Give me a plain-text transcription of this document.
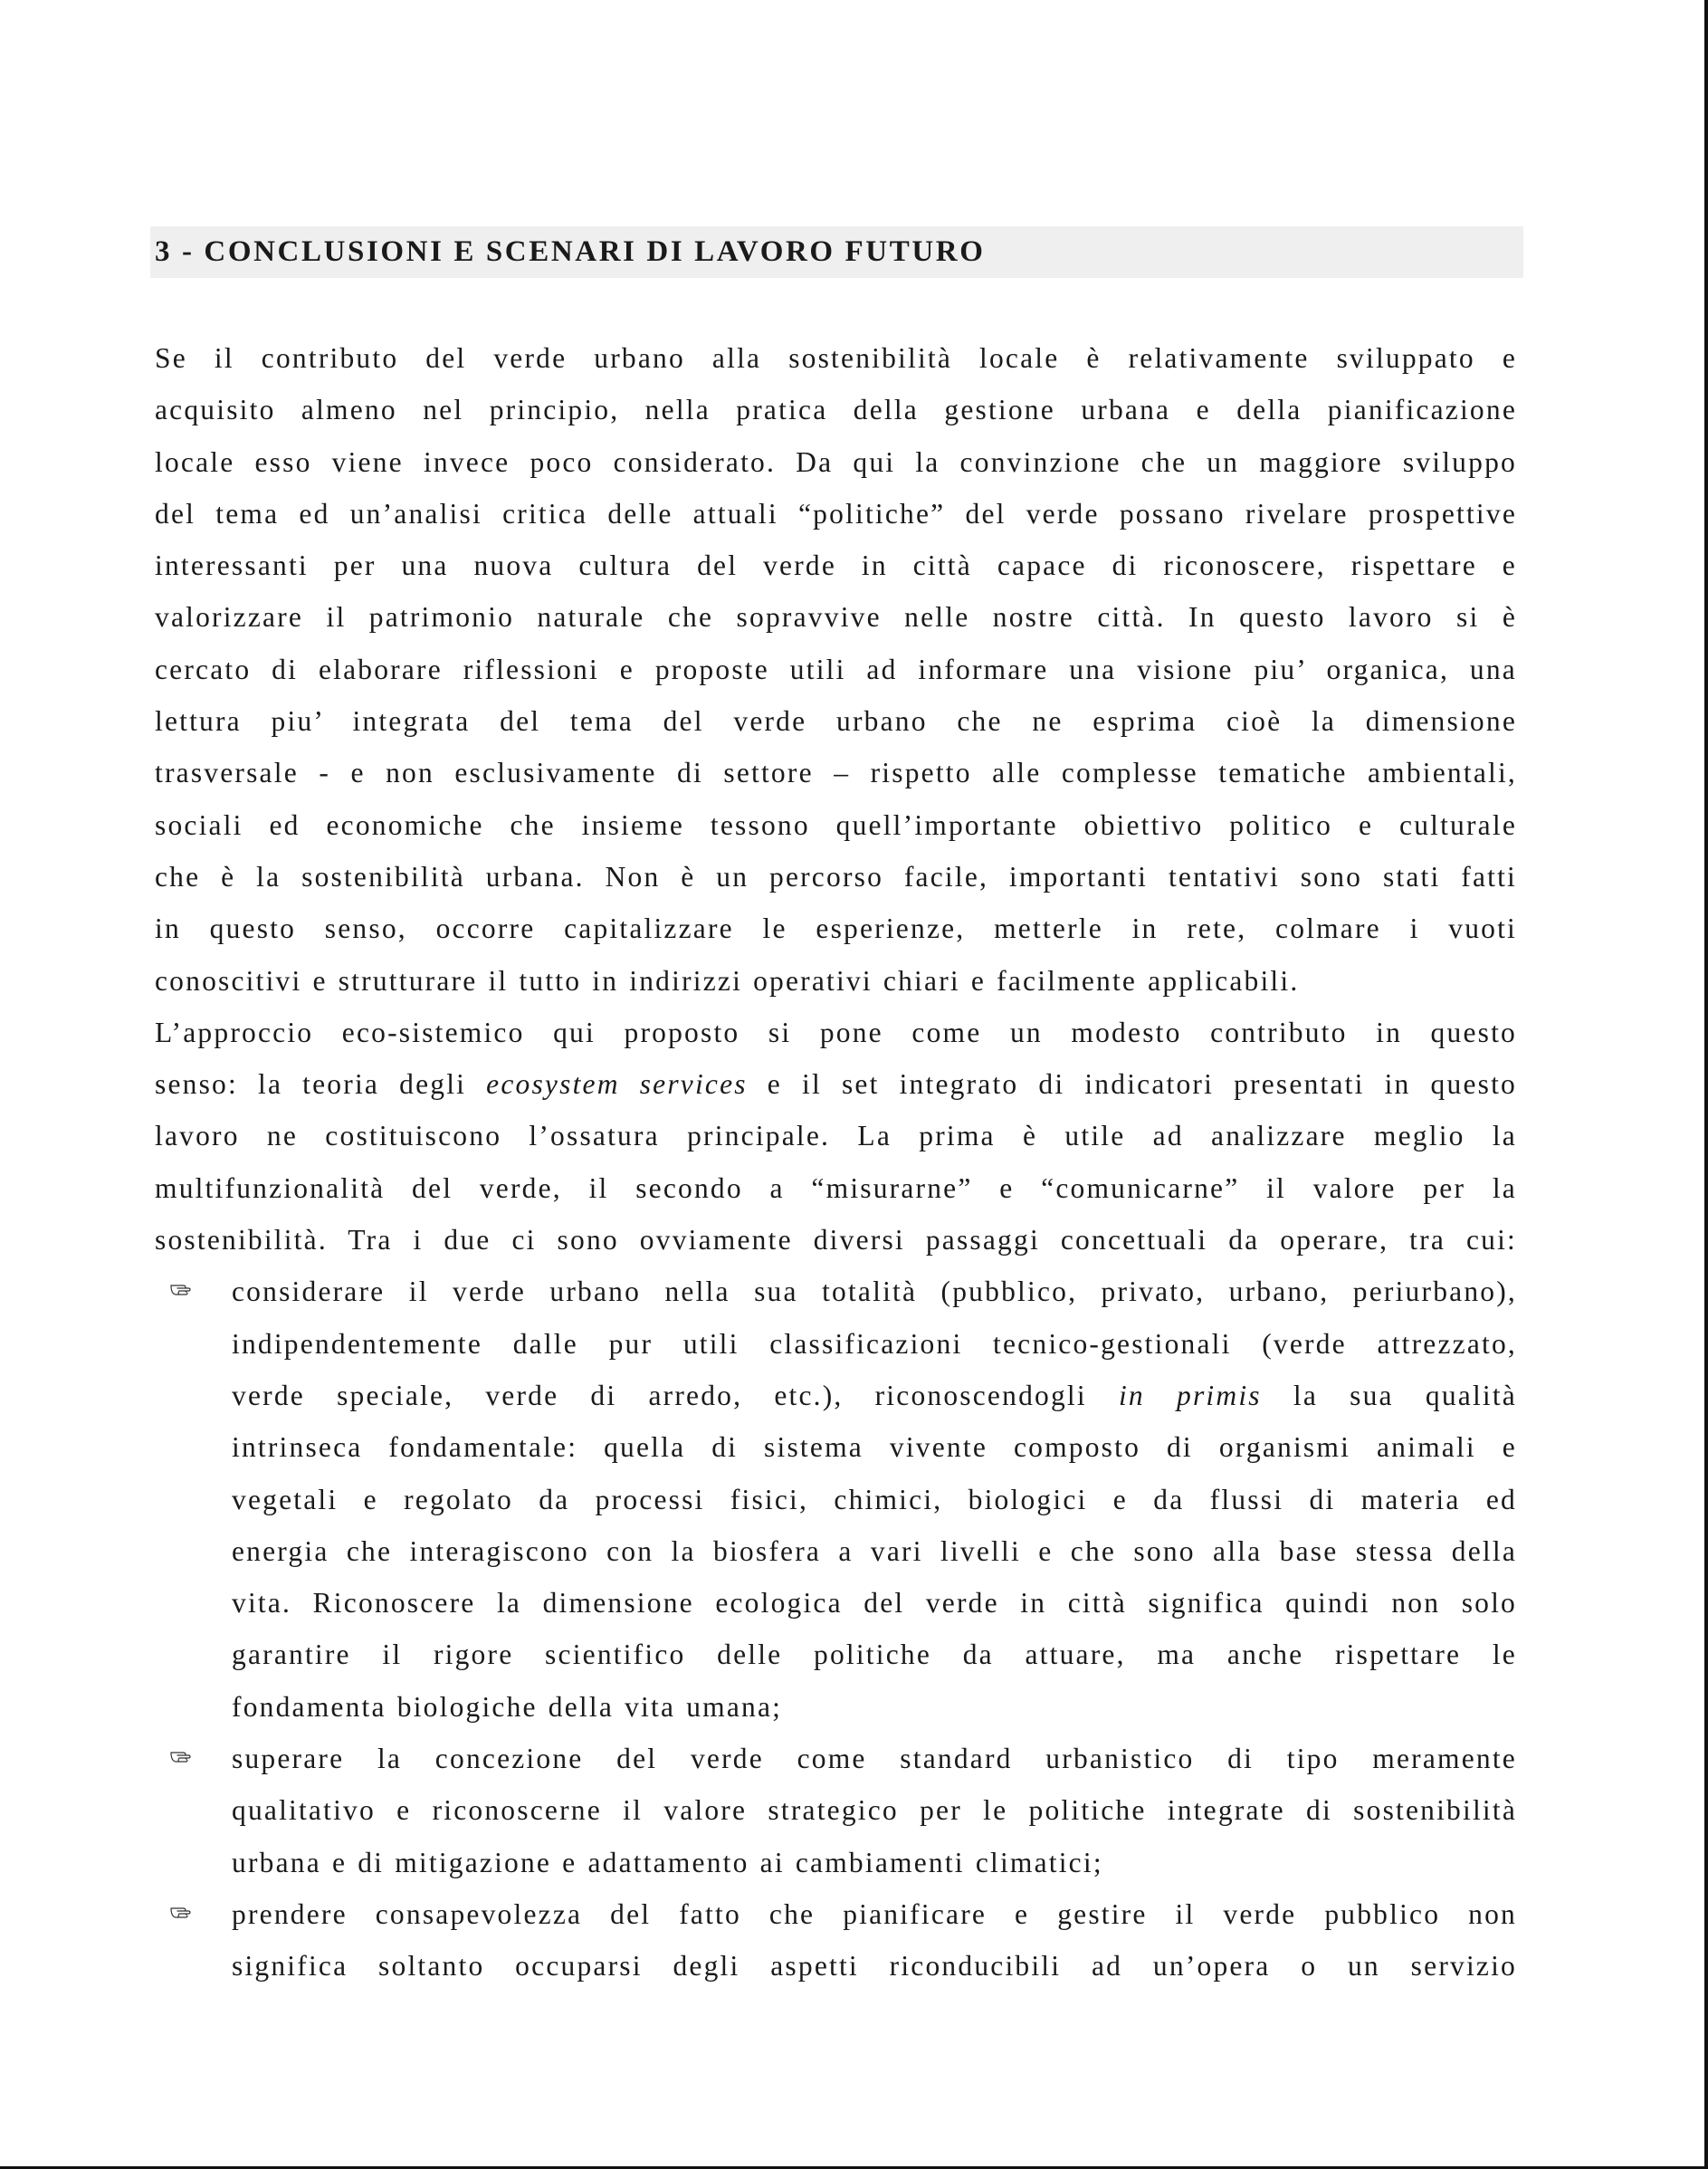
3 - CONCLUSIONI E SCENARI DI LAVORO FUTURO
Se il contributo del verde urbano alla sostenibilità locale è relativamente sviluppato e
acquisito almeno nel principio, nella pratica della gestione urbana e della pianificazione
locale esso viene invece poco considerato. Da qui la convinzione che un maggiore sviluppo
del tema ed un’analisi critica delle attuali “politiche” del verde possano rivelare prospettive
interessanti per una nuova cultura del verde in città capace di riconoscere, rispettare e
valorizzare il patrimonio naturale che sopravvive nelle nostre città. In questo lavoro si è
cercato di elaborare riflessioni e proposte utili ad informare una visione piu’ organica, una
lettura piu’ integrata del tema del verde urbano che ne esprima cioè la dimensione
trasversale - e non esclusivamente di settore – rispetto alle complesse tematiche ambientali,
sociali ed economiche che insieme tessono quell’importante obiettivo politico e culturale
che è la sostenibilità urbana. Non è un percorso facile, importanti tentativi sono stati fatti
in questo senso, occorre capitalizzare le esperienze, metterle in rete, colmare i vuoti
conoscitivi e strutturare il tutto in indirizzi operativi chiari e facilmente applicabili.
L’approccio eco-sistemico qui proposto si pone come un modesto contributo in questo
senso: la teoria degli ecosystem services e il set integrato di indicatori presentati in questo
lavoro ne costituiscono l’ossatura principale. La prima è utile ad analizzare meglio la
multifunzionalità del verde, il secondo a “misurarne” e “comunicarne” il valore per la
sostenibilità. Tra i due ci sono ovviamente diversi passaggi concettuali da operare, tra cui:
considerare il verde urbano nella sua totalità (pubblico, privato, urbano, periurbano),
indipendentemente dalle pur utili classificazioni tecnico-gestionali (verde attrezzato,
verde speciale, verde di arredo, etc.), riconoscendogli in primis la sua qualità
intrinseca fondamentale: quella di sistema vivente composto di organismi animali e
vegetali e regolato da processi fisici, chimici, biologici e da flussi di materia ed
energia che interagiscono con la biosfera a vari livelli e che sono alla base stessa della
vita. Riconoscere la dimensione ecologica del verde in città significa quindi non solo
garantire il rigore scientifico delle politiche da attuare, ma anche rispettare le
fondamenta biologiche della vita umana;
superare la concezione del verde come standard urbanistico di tipo meramente
qualitativo e riconoscerne il valore strategico per le politiche integrate di sostenibilità
urbana e di mitigazione e adattamento ai cambiamenti climatici;
prendere consapevolezza del fatto che pianificare e gestire il verde pubblico non
significa soltanto occuparsi degli aspetti riconducibili ad un’opera o un servizio
